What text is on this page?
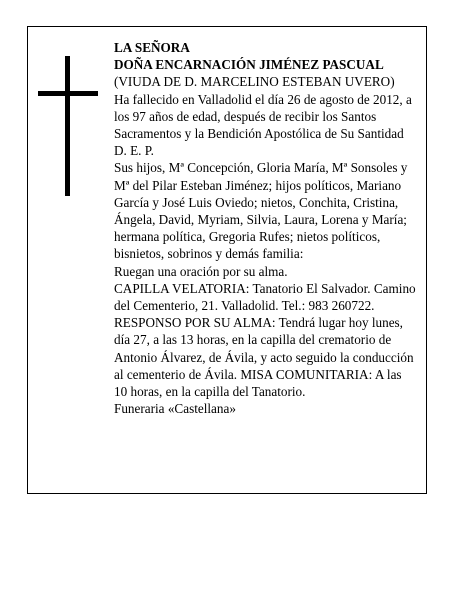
LA SEÑORA

DOÑA ENCARNACIÓN JIMÉNEZ PASCUAL

(VIUDA DE D. MARCELINO ESTEBAN UVERO)

Ha fallecido en Valladolid el día 26 de agosto de 2012, a los 97 años de edad, después de recibir los Santos Sacramentos y la Bendición Apostólica de Su Santidad

D. E. P.

Sus hijos, Mª Concepción, Gloria María, Mª Sonsoles y Mª del Pilar Esteban Jiménez; hijos políticos, Mariano García y José Luis Oviedo; nietos, Conchita, Cristina, Ángela, David, Myriam, Silvia, Laura, Lorena y María; hermana política, Gregoria Rufes; nietos políticos, bisnietos, sobrinos y demás familia:

Ruegan una oración por su alma.

CAPILLA VELATORIA: Tanatorio El Salvador. Camino del Cementerio, 21. Valladolid. Tel.: 983 260722.

RESPONSO POR SU ALMA: Tendrá lugar hoy lunes, día 27, a las 13 horas, en la capilla del crematorio de Antonio Álvarez, de Ávila, y acto seguido la conducción al cementerio de Ávila. MISA COMUNITARIA: A las 10 horas, en la capilla del Tanatorio.

Funeraria «Castellana»
